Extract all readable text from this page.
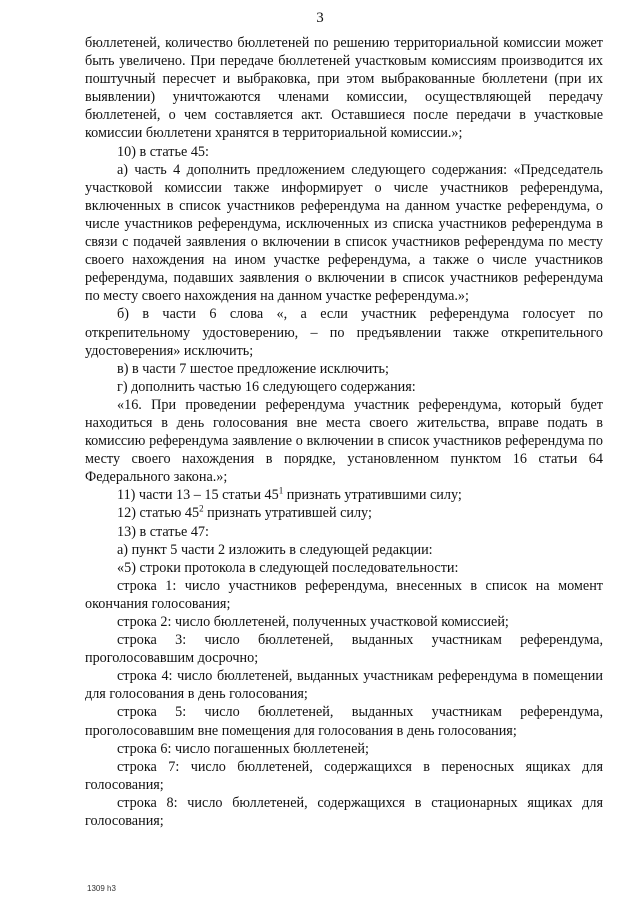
3

бюллетеней, количество бюллетеней по решению территориальной комиссии может быть увеличено. При передаче бюллетеней участковым комиссиям производится их поштучный пересчет и выбраковка, при этом выбракованные бюллетени (при их выявлении) уничтожаются членами комиссии, осуществляющей передачу бюллетеней, о чем составляется акт. Оставшиеся после передачи в участковые комиссии бюллетени хранятся в территориальной комиссии.»;

10) в статье 45:

а) часть 4 дополнить предложением следующего содержания: «Председатель участковой комиссии также информирует о числе участников референдума, включенных в список участников референдума на данном участке референдума, о числе участников референдума, исключенных из списка участников референдума в связи с подачей заявления о включении в список участников референдума по месту своего нахождения на ином участке референдума, а также о числе участников референдума, подавших заявления о включении в список участников референдума по месту своего нахождения на данном участке референдума.»;

б) в части 6 слова «, а если участник референдума голосует по открепительному удостоверению, – по предъявлении также открепительного удостоверения» исключить;

в) в части 7 шестое предложение исключить;

г) дополнить частью 16 следующего содержания:

«16. При проведении референдума участник референдума, который будет находиться в день голосования вне места своего жительства, вправе подать в комиссию референдума заявление о включении в список участников референдума по месту своего нахождения в порядке, установленном пунктом 16 статьи 64 Федерального закона.»;

11) части 13 – 15 статьи $45^1$ признать утратившими силу;

12) статью $45^2$ признать утратившей силу;

13) в статье 47:

а) пункт 5 части 2 изложить в следующей редакции:

«5) строки протокола в следующей последовательности:

строка 1: число участников референдума, внесенных в список на момент окончания голосования;

строка 2: число бюллетеней, полученных участковой комиссией;

строка 3: число бюллетеней, выданных участникам референдума, проголосовавшим досрочно;

строка 4: число бюллетеней, выданных участникам референдума в помещении для голосования в день голосования;

строка 5: число бюллетеней, выданных участникам референдума, проголосовавшим вне помещения для голосования в день голосования;

строка 6: число погашенных бюллетеней;

строка 7: число бюллетеней, содержащихся в переносных ящиках для голосования;

строка 8: число бюллетеней, содержащихся в стационарных ящиках для голосования;

1309 h3
